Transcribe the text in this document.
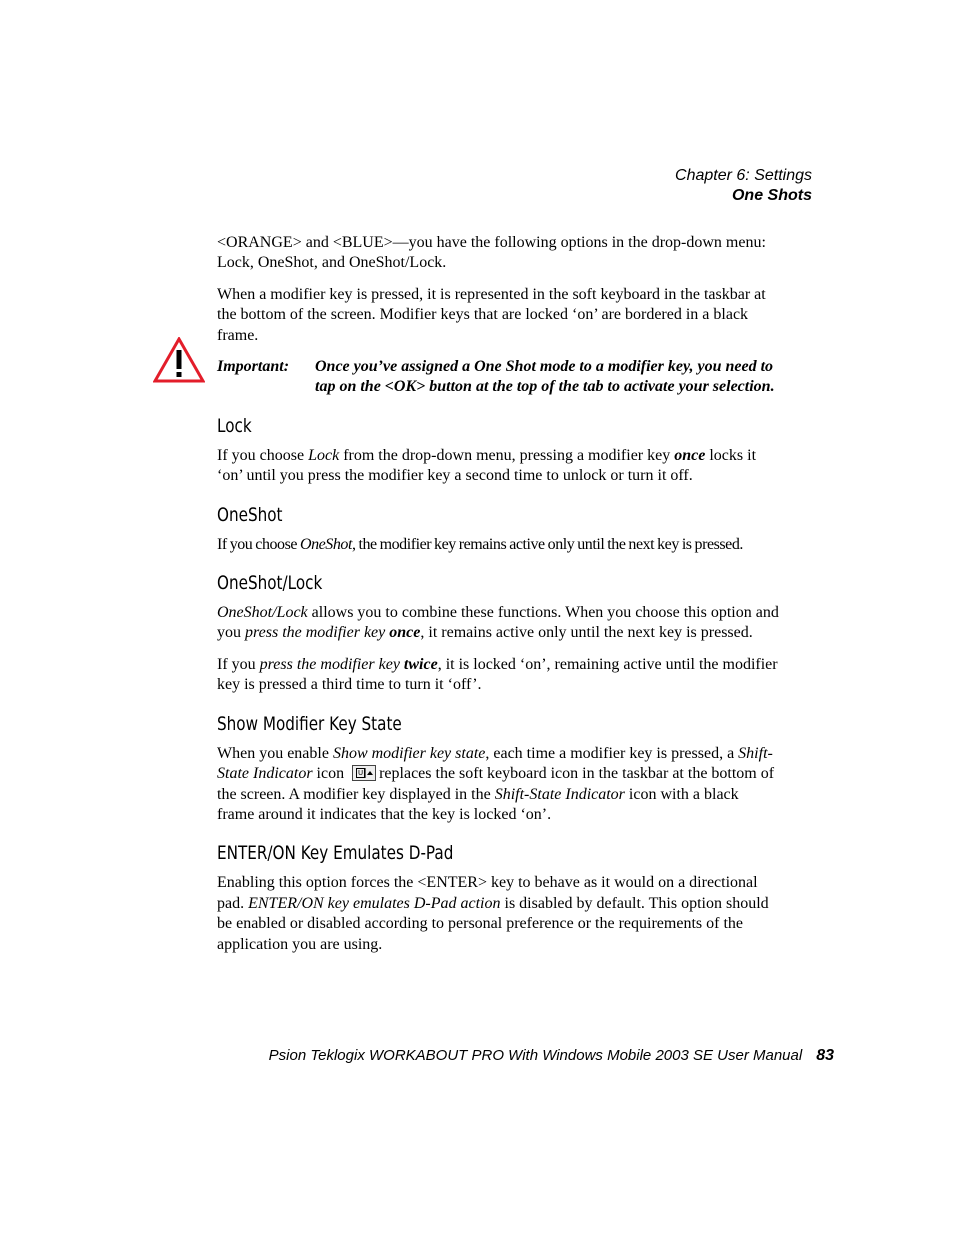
Chapter 6: Settings
One Shots

<ORANGE> and <BLUE>—you have the following options in the drop-down menu: Lock, OneShot, and OneShot/Lock.

When a modifier key is pressed, it is represented in the soft keyboard in the taskbar at the bottom of the screen. Modifier keys that are locked ‘on’ are bordered in a black frame.

Important:	Once you’ve assigned a One Shot mode to a modifier key, you need to tap on the <OK> button at the top of the tab to activate your selection.
Lock

If you choose Lock from the drop-down menu, pressing a modifier key once locks it ‘on’ until you press the modifier key a second time to unlock or turn it off.

OneShot

If you choose OneShot, the modifier key remains active only until the next key is pressed.

OneShot/Lock

OneShot/Lock allows you to combine these functions. When you choose this option and you press the modifier key once, it remains active only until the next key is pressed.

If you press the modifier key twice, it is locked ‘on’, remaining active until the modifier key is pressed a third time to turn it ‘off’.

Show Modifier Key State

When you enable Show modifier key state, each time a modifier key is pressed, a Shift-State Indicator icon U replaces the soft keyboard icon in the taskbar at the bottom of the screen. A modifier key displayed in the Shift-State Indicator icon with a black frame around it indicates that the key is locked ‘on’.

ENTER/ON Key Emulates D-Pad

Enabling this option forces the <ENTER> key to behave as it would on a directional pad. ENTER/ON key emulates D-Pad action is disabled by default. This option should be enabled or disabled according to personal preference or the requirements of the application you are using.

Psion Teklogix WORKABOUT PRO With Windows Mobile 2003 SE User Manual 83
